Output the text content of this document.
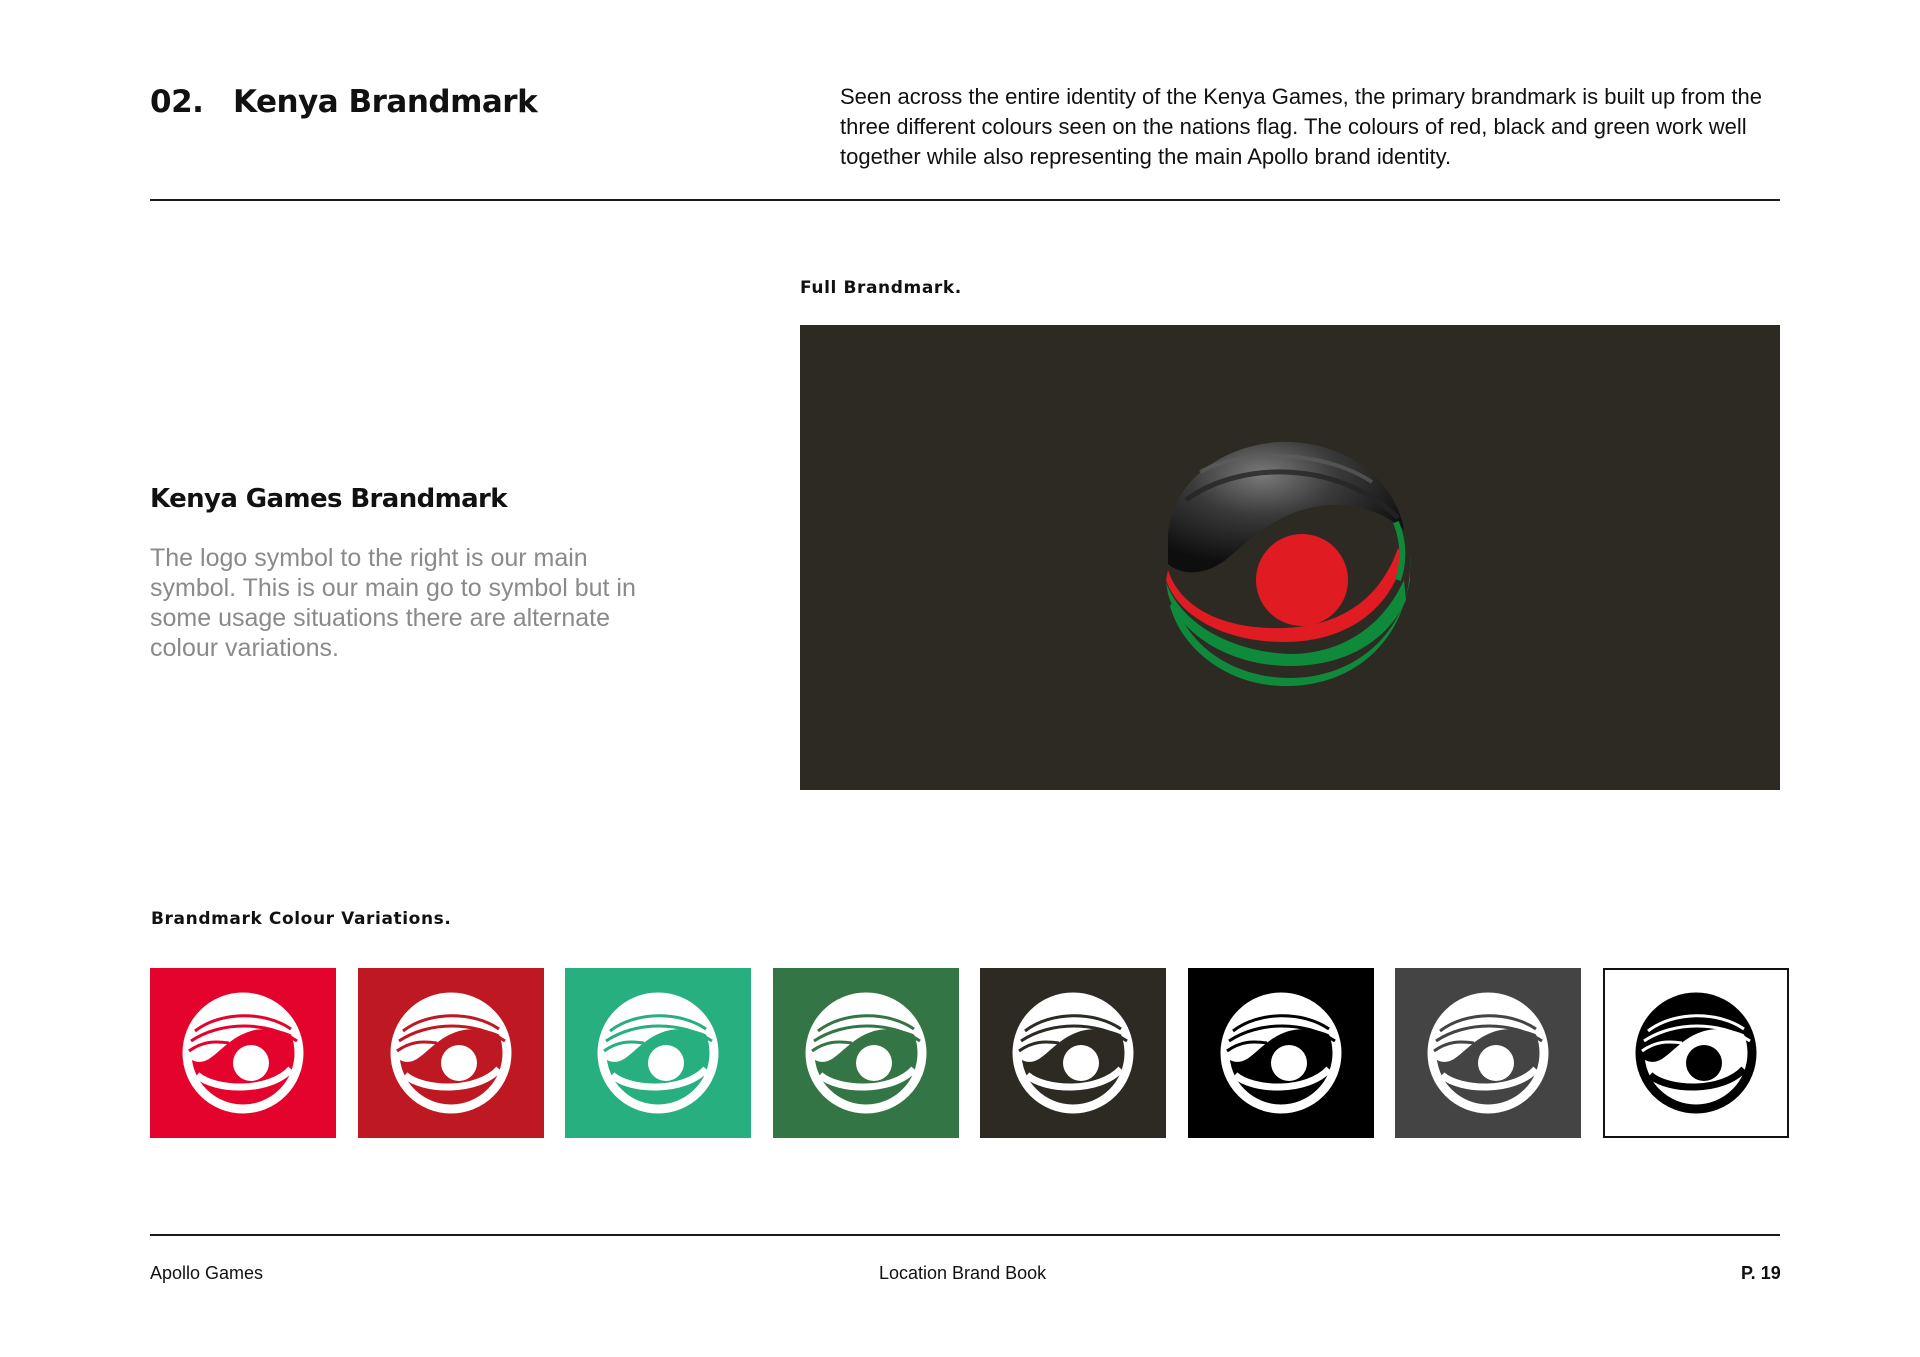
02. Kenya Brandmark	Seen across the entire identity of the Kenya Games, the primary brandmark is built up from the three different colours seen on the nations flag. The colours of red, black and green work well together while also representing the main Apollo brand identity.

Kenya Games Brandmark

The logo symbol to the right is our main symbol. This is our main go to symbol but in some usage situations there are alternate colour variations.

Full Brandmark.
Brandmark Colour Variations.
Apollo Games	Location Brand Book	P. 19
